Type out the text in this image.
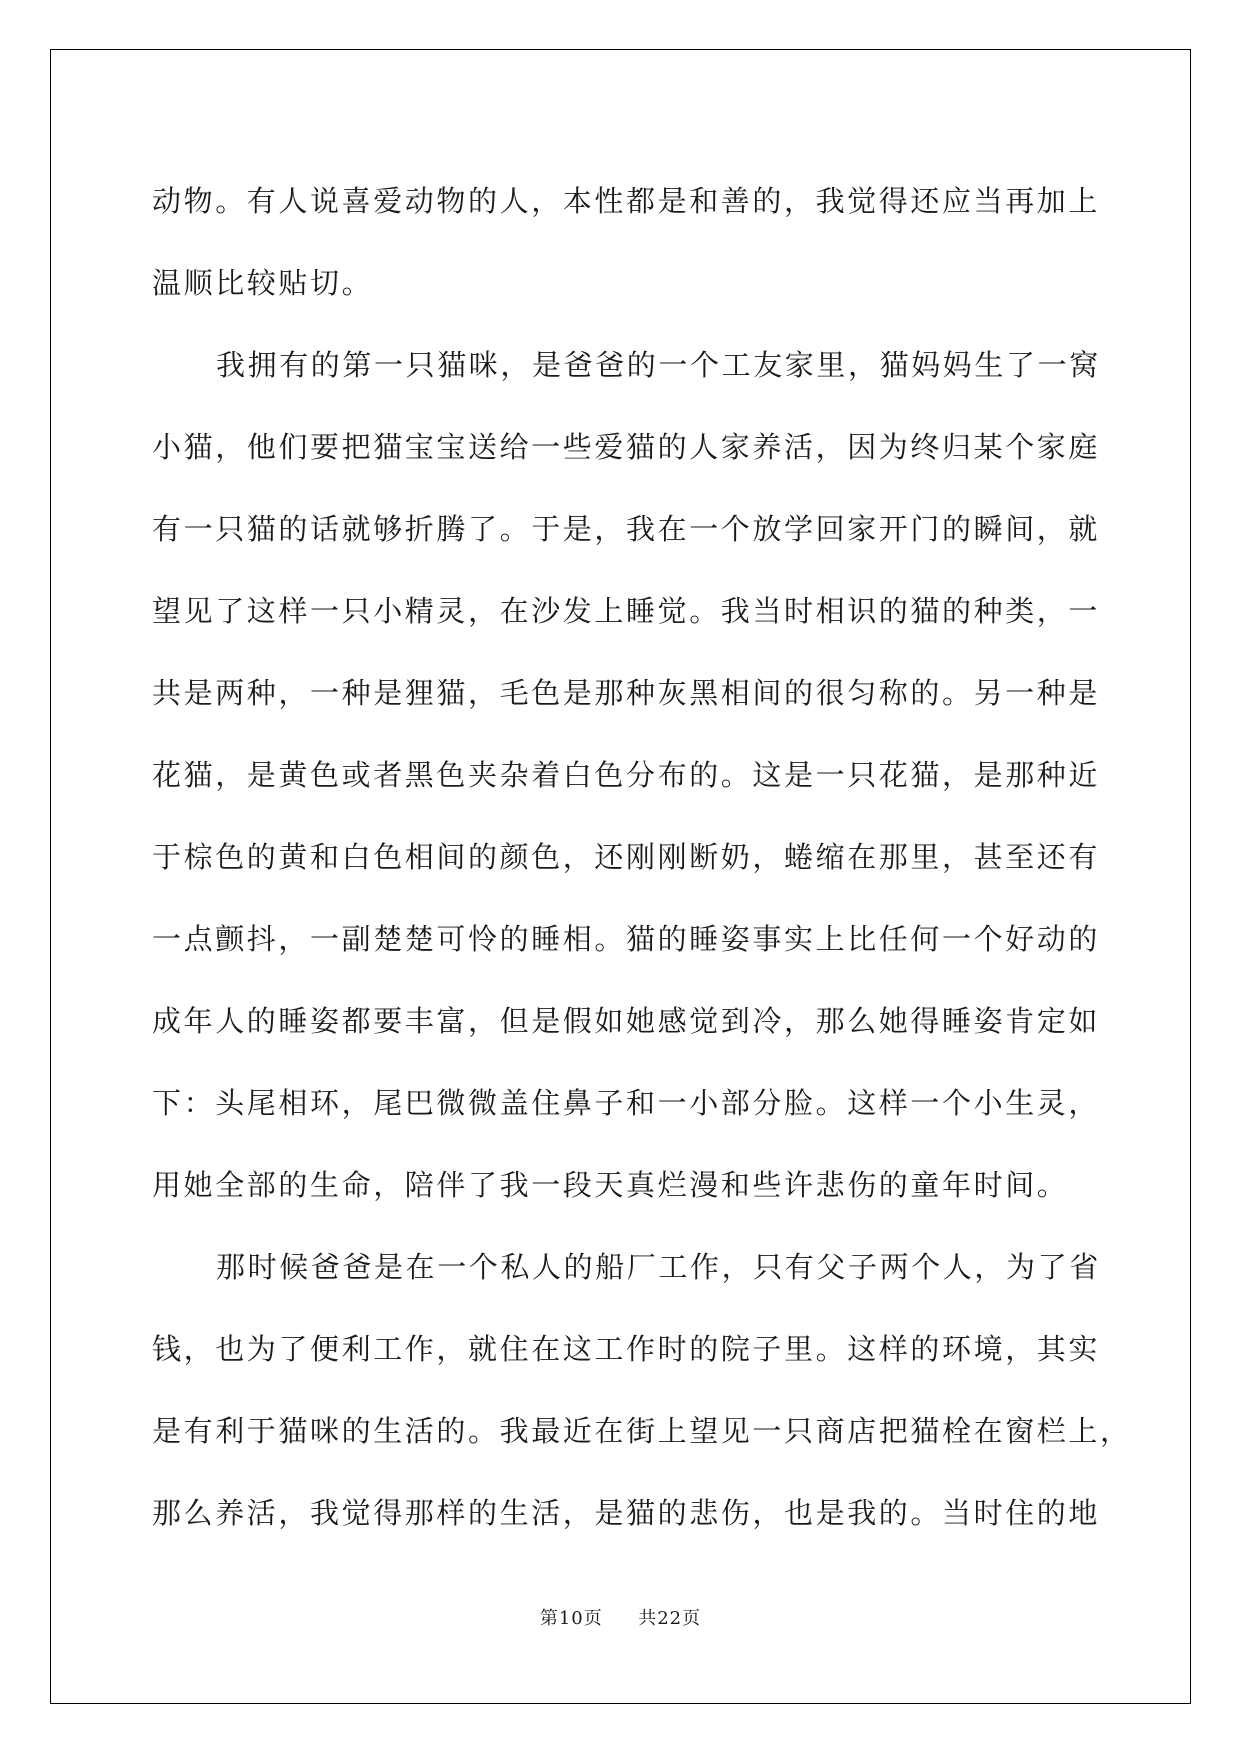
动物。有人说喜爱动物的人，本性都是和善的，我觉得还应当再加上
温顺比较贴切。
我拥有的第一只猫咪，是爸爸的一个工友家里，猫妈妈生了一窝
小猫，他们要把猫宝宝送给一些爱猫的人家养活，因为终归某个家庭
有一只猫的话就够折腾了。于是，我在一个放学回家开门的瞬间，就
望见了这样一只小精灵，在沙发上睡觉。我当时相识的猫的种类，一
共是两种，一种是狸猫，毛色是那种灰黑相间的很匀称的。另一种是
花猫，是黄色或者黑色夹杂着白色分布的。这是一只花猫，是那种近
于棕色的黄和白色相间的颜色，还刚刚断奶，蜷缩在那里，甚至还有
一点颤抖，一副楚楚可怜的睡相。猫的睡姿事实上比任何一个好动的
成年人的睡姿都要丰富，但是假如她感觉到冷，那么她得睡姿肯定如
下：头尾相环，尾巴微微盖住鼻子和一小部分脸。这样一个小生灵，
用她全部的生命，陪伴了我一段天真烂漫和些许悲伤的童年时间。
那时候爸爸是在一个私人的船厂工作，只有父子两个人，为了省
钱，也为了便利工作，就住在这工作时的院子里。这样的环境，其实
是有利于猫咪的生活的。我最近在街上望见一只商店把猫栓在窗栏上，
那么养活，我觉得那样的生活，是猫的悲伤，也是我的。当时住的地
第10页 共22页
